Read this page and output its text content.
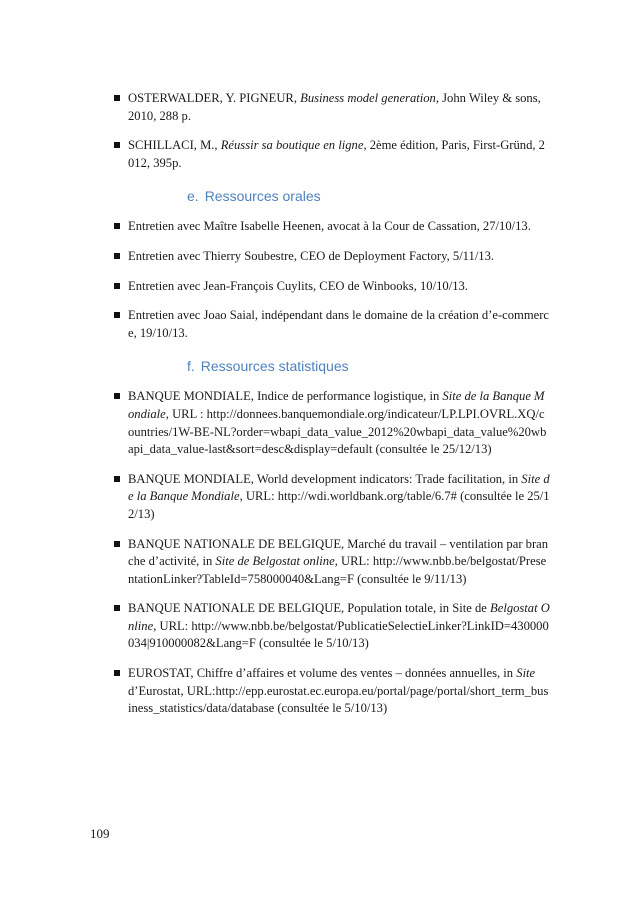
OSTERWALDER, Y. PIGNEUR, Business model generation, John Wiley & sons, 2010, 288 p.
SCHILLACI, M., Réussir sa boutique en ligne, 2ème édition, Paris, First-Gründ, 2012, 395p.
e. Ressources orales
Entretien avec Maître Isabelle Heenen, avocat à la Cour de Cassation, 27/10/13.
Entretien avec Thierry Soubestre, CEO de Deployment Factory, 5/11/13.
Entretien avec Jean-François Cuylits, CEO de Winbooks, 10/10/13.
Entretien avec Joao Saial, indépendant dans le domaine de la création d’e-commerce, 19/10/13.
f. Ressources statistiques
BANQUE MONDIALE, Indice de performance logistique, in Site de la Banque Mondiale, URL : http://donnees.banquemondiale.org/indicateur/LP.LPI.OVRL.XQ/countries/1W-BE-NL?order=wbapi_data_value_2012%20wbapi_data_value%20wbapi_data_value-last&sort=desc&display=default (consultée le 25/12/13)
BANQUE MONDIALE, World development indicators: Trade facilitation, in Site de la Banque Mondiale, URL: http://wdi.worldbank.org/table/6.7# (consultée le 25/12/13)
BANQUE NATIONALE DE BELGIQUE, Marché du travail – ventilation par branche d’activité, in Site de Belgostat online, URL: http://www.nbb.be/belgostat/PresentationLinker?TableId=758000040&Lang=F (consultée le 9/11/13)
BANQUE NATIONALE DE BELGIQUE, Population totale, in Site de Belgostat Online, URL: http://www.nbb.be/belgostat/PublicatieSelectieLinker?LinkID=430000034|910000082&Lang=F (consultée le 5/10/13)
EUROSTAT, Chiffre d’affaires et volume des ventes – données annuelles, in Site d’Eurostat, URL:http://epp.eurostat.ec.europa.eu/portal/page/portal/short_term_business_statistics/data/database (consultée le 5/10/13)
109
